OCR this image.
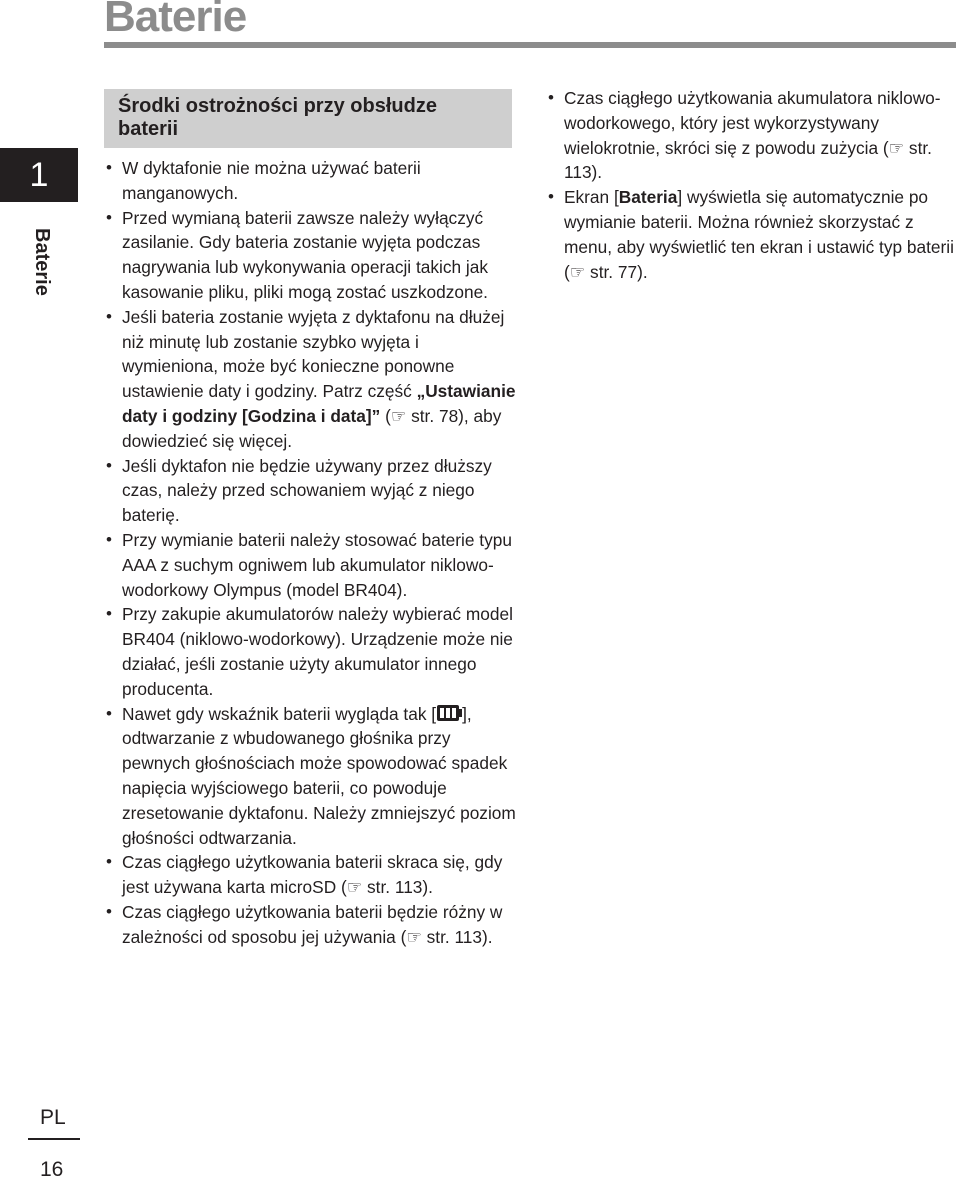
Baterie
1
Baterie
PL
16
Środki ostrożności przy obsłudze baterii
• W dyktafonie nie można używać baterii manganowych.
• Przed wymianą baterii zawsze należy wyłączyć zasilanie. Gdy bateria zostanie wyjęta podczas nagrywania lub wykonywania operacji takich jak kasowanie pliku, pliki mogą zostać uszkodzone.
• Jeśli bateria zostanie wyjęta z dyktafonu na dłużej niż minutę lub zostanie szybko wyjęta i wymieniona, może być konieczne ponowne ustawienie daty i godziny. Patrz część „Ustawianie daty i godziny [Godzina i data]” (☞ str. 78), aby dowiedzieć się więcej.
• Jeśli dyktafon nie będzie używany przez dłuższy czas, należy przed schowaniem wyjąć z niego baterię.
• Przy wymianie baterii należy stosować baterie typu AAA z suchym ogniwem lub akumulator niklowo-wodorkowy Olympus (model BR404).
• Przy zakupie akumulatorów należy wybierać model BR404 (niklowo-wodorkowy). Urządzenie może nie działać, jeśli zostanie użyty akumulator innego producenta.
• Nawet gdy wskaźnik baterii wygląda tak [ ], odtwarzanie z wbudowanego głośnika przy pewnych głośnościach może spowodować spadek napięcia wyjściowego baterii, co powoduje zresetowanie dyktafonu. Należy zmniejszyć poziom głośności odtwarzania.
• Czas ciągłego użytkowania baterii skraca się, gdy jest używana karta microSD (☞ str. 113).
• Czas ciągłego użytkowania baterii będzie różny w zależności od sposobu jej używania (☞ str. 113).
• Czas ciągłego użytkowania akumulatora niklowo-wodorkowego, który jest wykorzystywany wielokrotnie, skróci się z powodu zużycia (☞ str. 113).
• Ekran [Bateria] wyświetla się automatycznie po wymianie baterii. Można również skorzystać z menu, aby wyświetlić ten ekran i ustawić typ baterii (☞ str. 77).
